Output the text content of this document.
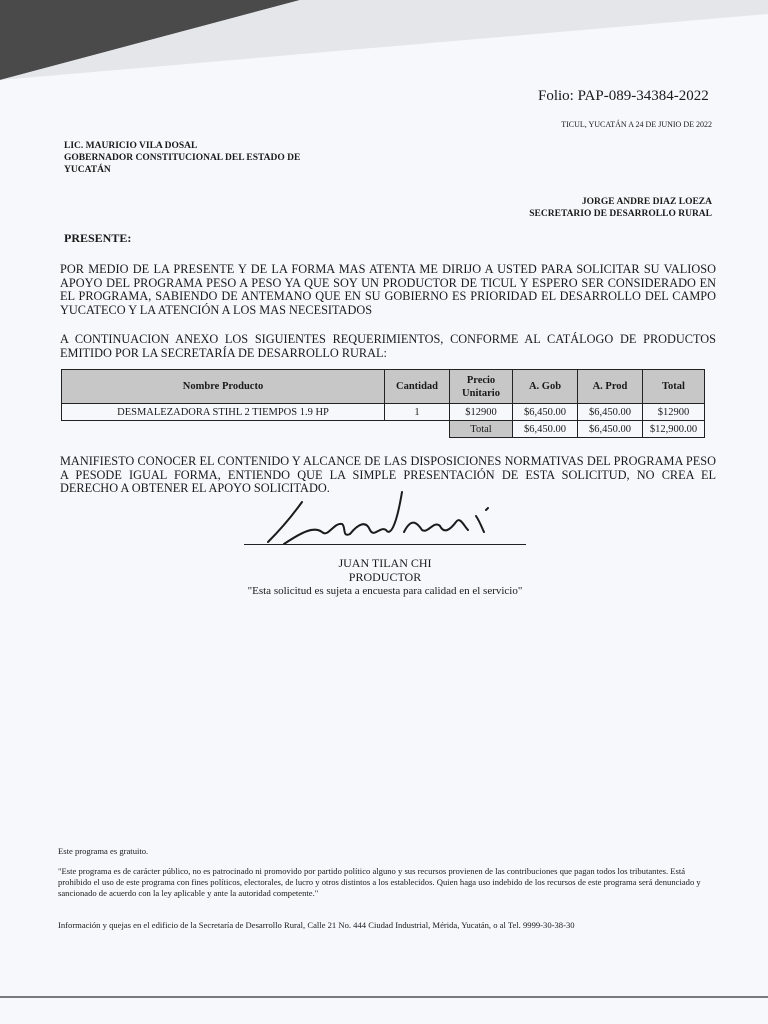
Folio: PAP-089-34384-2022
TICUL, YUCATÁN A 24 DE JUNIO DE 2022
LIC. MAURICIO VILA DOSAL
GOBERNADOR CONSTITUCIONAL DEL ESTADO DE YUCATÁN
JORGE ANDRE DIAZ LOEZA
SECRETARIO DE DESARROLLO RURAL
PRESENTE:
POR MEDIO DE LA PRESENTE Y DE LA FORMA MAS ATENTA ME DIRIJO A USTED PARA SOLICITAR SU VALIOSO APOYO DEL PROGRAMA PESO A PESO YA QUE SOY UN PRODUCTOR DE TICUL Y ESPERO SER CONSIDERADO EN EL PROGRAMA, SABIENDO DE ANTEMANO QUE EN SU GOBIERNO ES PRIORIDAD EL DESARROLLO DEL CAMPO YUCATECO Y LA ATENCIÓN A LOS MAS NECESITADOS
A CONTINUACION ANEXO LOS SIGUIENTES REQUERIMIENTOS, CONFORME AL CATÁLOGO DE PRODUCTOS EMITIDO POR LA SECRETARÍA DE DESARROLLO RURAL:
Nombre Producto	Cantidad	Precio Unitario	A. Gob	A. Prod	Total
DESMALEZADORA STIHL 2 TIEMPOS 1.9 HP	1	$12900	$6,450.00	$6,450.00	$12900
		Total	$6,450.00	$6,450.00	$12,900.00
MANIFIESTO CONOCER EL CONTENIDO Y ALCANCE DE LAS DISPOSICIONES NORMATIVAS DEL PROGRAMA PESO A PESODE IGUAL FORMA, ENTIENDO QUE LA SIMPLE PRESENTACIÓN DE ESTA SOLICITUD, NO CREA EL DERECHO A OBTENER EL APOYO SOLICITADO.
JUAN TILAN CHI
PRODUCTOR
"Esta solicitud es sujeta a encuesta para calidad en el servicio"
Este programa es gratuito.
"Este programa es de carácter público, no es patrocinado ni promovido por partido político alguno y sus recursos provienen de las contribuciones que pagan todos los tributantes. Está prohibido el uso de este programa con fines políticos, electorales, de lucro y otros distintos a los establecidos. Quien haga uso indebido de los recursos de este programa será denunciado y sancionado de acuerdo con la ley aplicable y ante la autoridad competente."
Información y quejas en el edificio de la Secretaría de Desarrollo Rural, Calle 21 No. 444 Ciudad Industrial, Mérida, Yucatán, o al Tel. 9999-30-38-30
